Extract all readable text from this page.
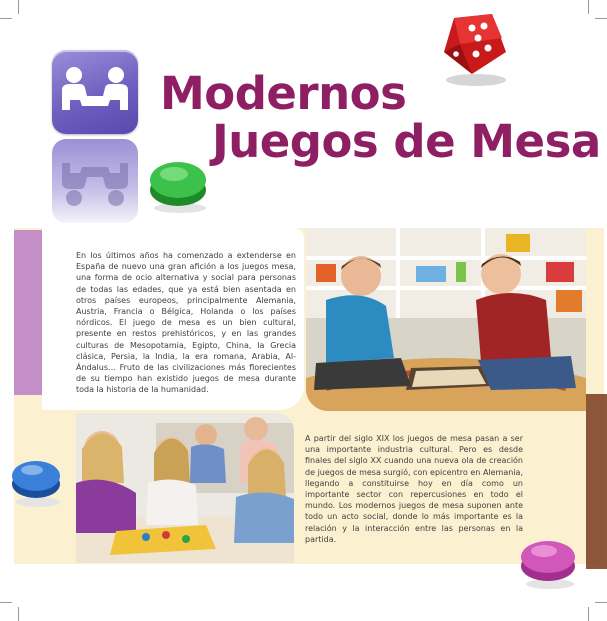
Modernos
Juegos de Mesa

En los últimos años ha comenzado a extenderse en España de nuevo una gran afición a los juegos mesa, una forma de ocio alternativa y social para personas de todas las edades, que ya está bien asentada en otros países europeos, principalmente Alemania, Austria, Francia o Bélgica, Holanda o los países nórdicos. El juego de mesa es un bien cultural, presente en restos prehistóricos, y en las grandes culturas de Mesopotamia, Egipto, China, la Grecia clásica, Persia, la India, la era romana, Arabia, Al-Ándalus… Fruto de las civilizaciones más florecientes de su tiempo han existido juegos de mesa durante toda la historia de la humanidad.

A partir del siglo XIX los juegos de mesa pasan a ser una importante industria cultural. Pero es desde finales del siglo XX cuando una nueva ola de creación de juegos de mesa surgió, con epicentro en Alemania, llegando a constituirse hoy en día como un importante sector con repercusiones en todo el mundo. Los modernos juegos de mesa suponen ante todo un acto social, donde lo más importante es la relación y la interacción entre las personas en la partida.
